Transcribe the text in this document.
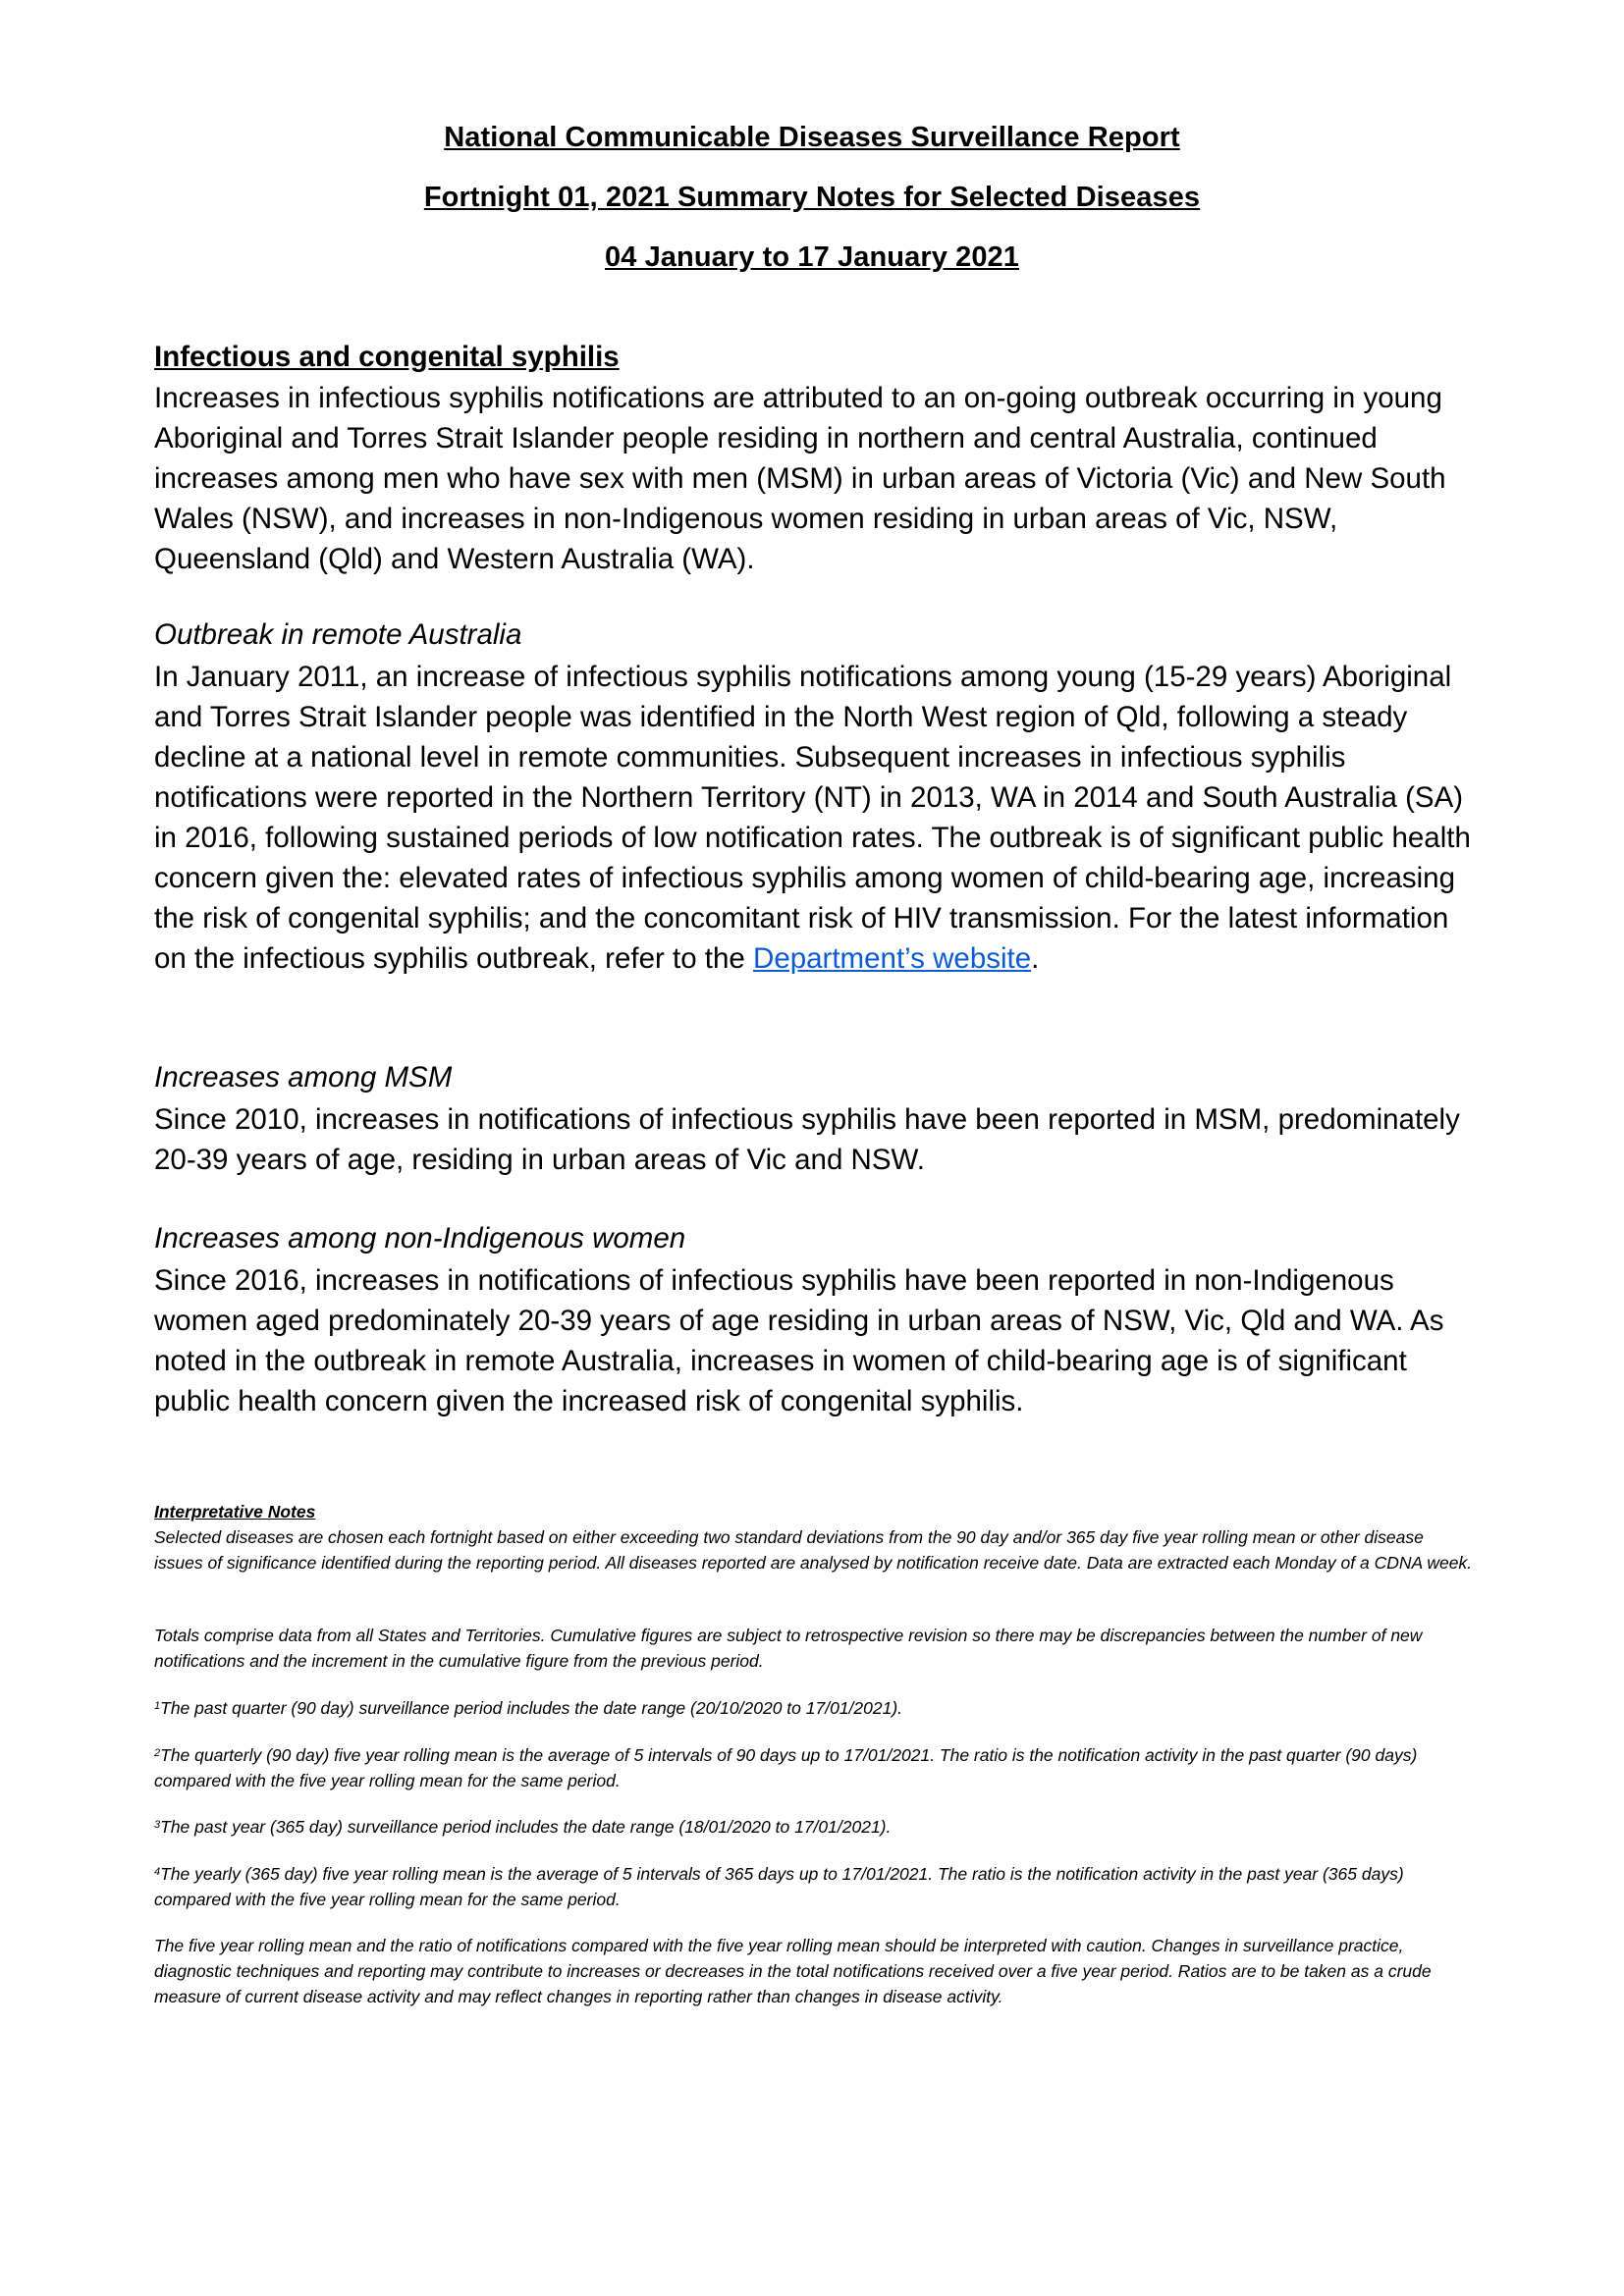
National Communicable Diseases Surveillance Report
Fortnight 01, 2021 Summary Notes for Selected Diseases
04 January to 17 January 2021
Infectious and congenital syphilis
Increases in infectious syphilis notifications are attributed to an on-going outbreak occurring in young Aboriginal and Torres Strait Islander people residing in northern and central Australia, continued increases among men who have sex with men (MSM) in urban areas of Victoria (Vic) and New South Wales (NSW), and increases in non-Indigenous women residing in urban areas of Vic, NSW, Queensland (Qld) and Western Australia (WA).
Outbreak in remote Australia
In January 2011, an increase of infectious syphilis notifications among young (15-29 years) Aboriginal and Torres Strait Islander people was identified in the North West region of Qld, following a steady decline at a national level in remote communities. Subsequent increases in infectious syphilis notifications were reported in the Northern Territory (NT) in 2013, WA in 2014 and South Australia (SA) in 2016, following sustained periods of low notification rates. The outbreak is of significant public health concern given the: elevated rates of infectious syphilis among women of child-bearing age, increasing the risk of congenital syphilis; and the concomitant risk of HIV transmission. For the latest information on the infectious syphilis outbreak, refer to the Department’s website.
Increases among MSM
Since 2010, increases in notifications of infectious syphilis have been reported in MSM, predominately 20-39 years of age, residing in urban areas of Vic and NSW.
Increases among non-Indigenous women
Since 2016, increases in notifications of infectious syphilis have been reported in non-Indigenous women aged predominately 20-39 years of age residing in urban areas of NSW, Vic, Qld and WA. As noted in the outbreak in remote Australia, increases in women of child-bearing age is of significant public health concern given the increased risk of congenital syphilis.
Interpretative Notes
Selected diseases are chosen each fortnight based on either exceeding two standard deviations from the 90 day and/or 365 day five year rolling mean or other disease issues of significance identified during the reporting period. All diseases reported are analysed by notification receive date. Data are extracted each Monday of a CDNA week.
Totals comprise data from all States and Territories. Cumulative figures are subject to retrospective revision so there may be discrepancies between the number of new notifications and the increment in the cumulative figure from the previous period.
$^1$The past quarter (90 day) surveillance period includes the date range (20/10/2020 to 17/01/2021).
$^2$The quarterly (90 day) five year rolling mean is the average of 5 intervals of 90 days up to 17/01/2021. The ratio is the notification activity in the past quarter (90 days) compared with the five year rolling mean for the same period.
$^3$The past year (365 day) surveillance period includes the date range (18/01/2020 to 17/01/2021).
$^4$The yearly (365 day) five year rolling mean is the average of 5 intervals of 365 days up to 17/01/2021. The ratio is the notification activity in the past year (365 days) compared with the five year rolling mean for the same period.
The five year rolling mean and the ratio of notifications compared with the five year rolling mean should be interpreted with caution. Changes in surveillance practice, diagnostic techniques and reporting may contribute to increases or decreases in the total notifications received over a five year period. Ratios are to be taken as a crude measure of current disease activity and may reflect changes in reporting rather than changes in disease activity.
